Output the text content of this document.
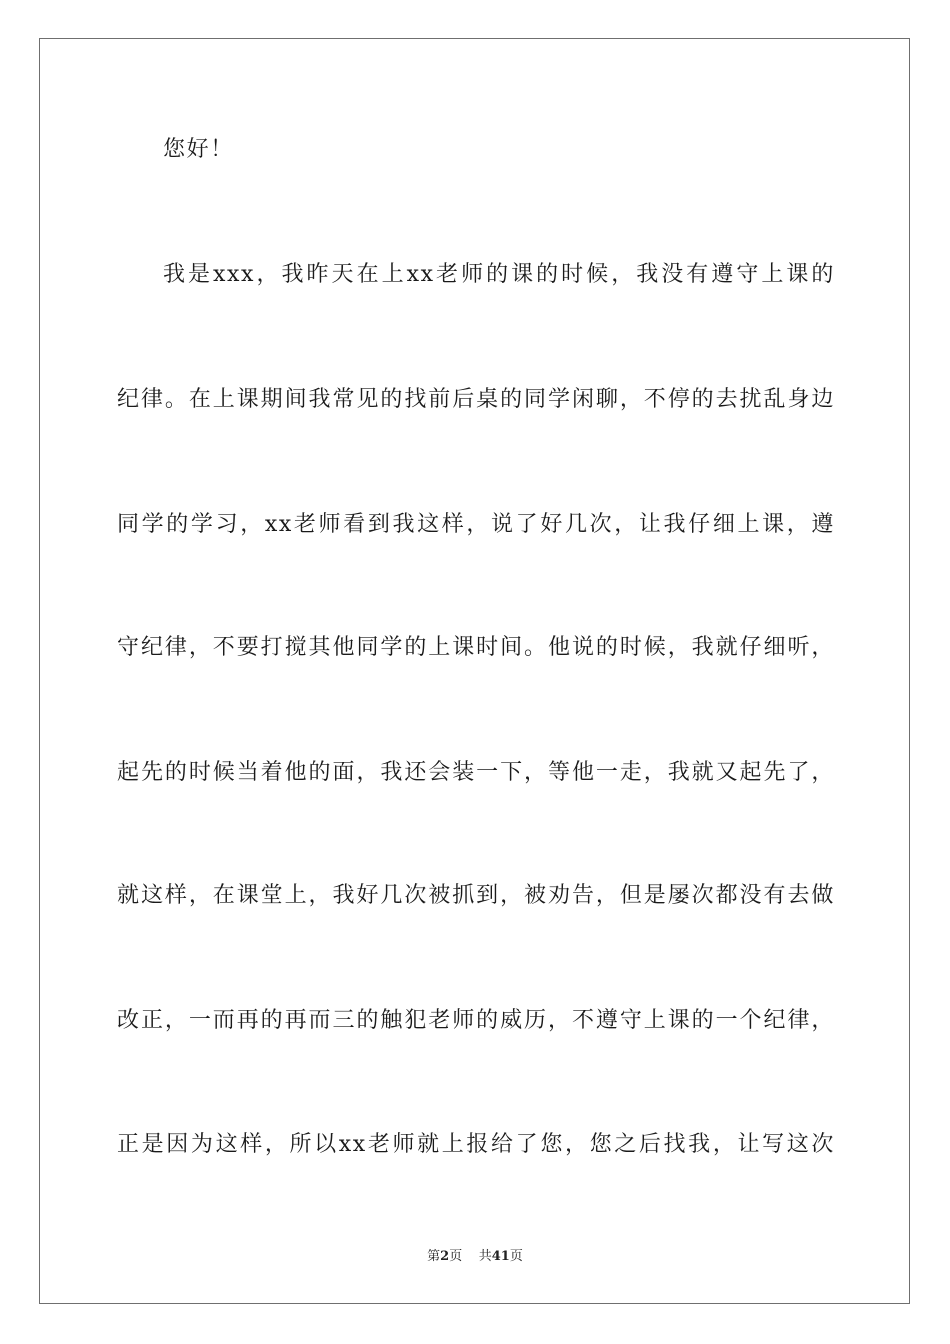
您好！
我是xxx，我昨天在上xx老师的课的时候，我没有遵守上课的
纪律。在上课期间我常见的找前后桌的同学闲聊，不停的去扰乱身边
同学的学习，xx老师看到我这样，说了好几次，让我仔细上课，遵
守纪律，不要打搅其他同学的上课时间。他说的时候，我就仔细听，
起先的时候当着他的面，我还会装一下，等他一走，我就又起先了，
就这样，在课堂上，我好几次被抓到，被劝告，但是屡次都没有去做
改正，一而再的再而三的触犯老师的威历，不遵守上课的一个纪律，
正是因为这样，所以xx老师就上报给了您，您之后找我，让写这次
第2页 共41页
